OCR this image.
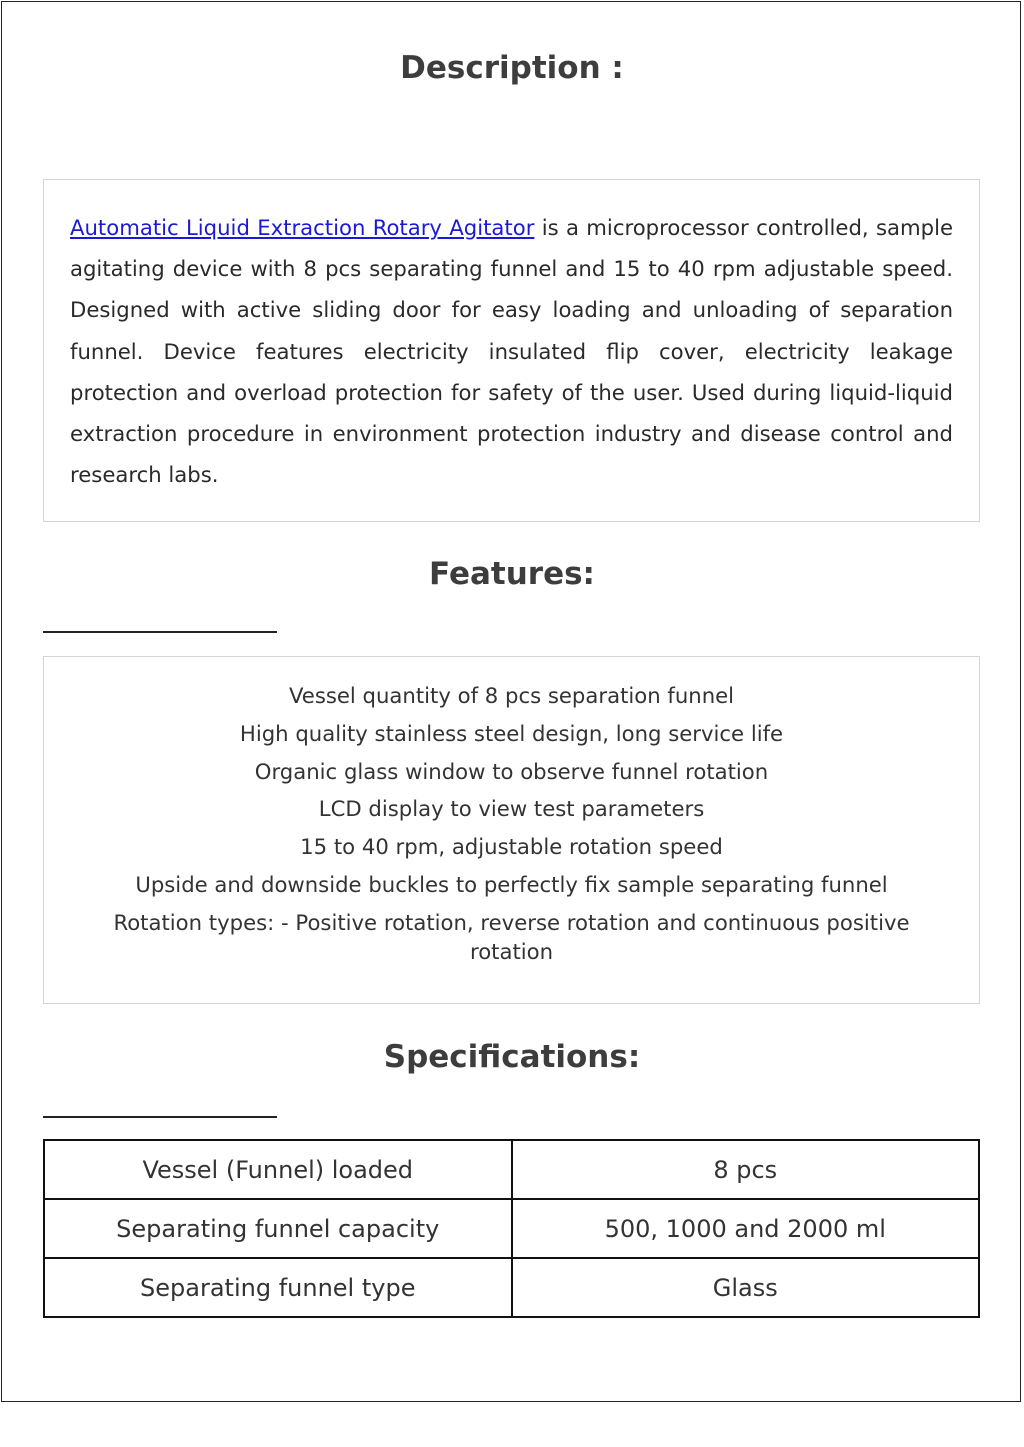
Description :

Automatic Liquid Extraction Rotary Agitator is a microprocessor controlled, sample agitating device with 8 pcs separating funnel and 15 to 40 rpm adjustable speed. Designed with active sliding door for easy loading and unloading of separation funnel. Device features electricity insulated flip cover, electricity leakage protection and overload protection for safety of the user. Used during liquid-liquid extraction procedure in environment protection industry and disease control and research labs.

Features:
Vessel quantity of 8 pcs separation funnel
High quality stainless steel design, long service life
Organic glass window to observe funnel rotation
LCD display to view test parameters
15 to 40 rpm, adjustable rotation speed
Upside and downside buckles to perfectly fix sample separating funnel
Rotation types: - Positive rotation, reverse rotation and continuous positive rotation
Specifications:
Vessel (Funnel) loaded	8 pcs
Separating funnel capacity	500, 1000 and 2000 ml
Separating funnel type	Glass
